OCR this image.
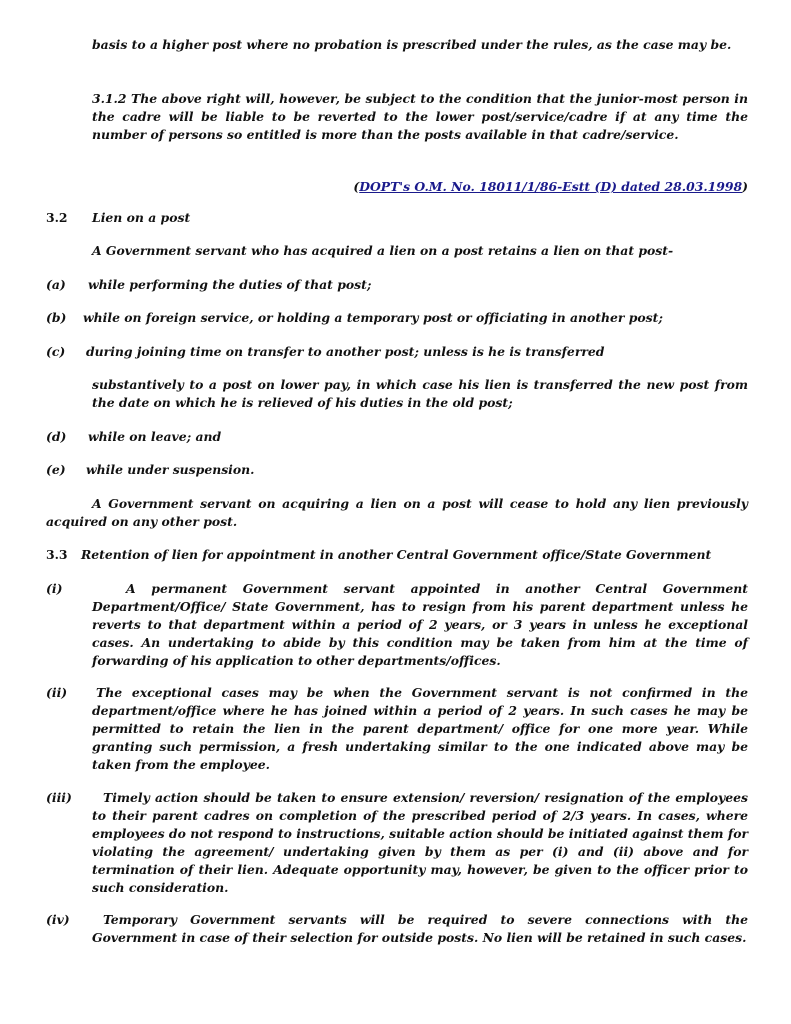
basis to a higher post where no probation is prescribed under the rules, as the case may be.

3.1.2 The above right will, however, be subject to the condition that the junior-most person in the cadre will be liable to be reverted to the lower post/service/cadre if at any time the number of persons so entitled is more than the posts available in that cadre/service.

(DOPT's O.M. No. 18011/1/86-Estt (D) dated 28.03.1998)

3.2 Lien on a post

A Government servant who has acquired a lien on a post retains a lien on that post-

(a) while performing the duties of that post;
(b) while on foreign service, or holding a temporary post or officiating in another post;
(c) during joining time on transfer to another post; unless is he is transferred

substantively to a post on lower pay, in which case his lien is transferred the new post from the date on which he is relieved of his duties in the old post;

(d) while on leave; and
(e) while under suspension.

A Government servant on acquiring a lien on a post will cease to hold any lien previously acquired on any other post.

3.3 Retention of lien for appointment in another Central Government office/State Government
(i)	A permanent Government servant appointed in another Central Government Department/Office/ State Government, has to resign from his parent department unless he reverts to that department within a period of 2 years, or 3 years in unless he exceptional cases. An undertaking to abide by this condition may be taken from him at the time of forwarding of his application to other departments/offices.

(ii)	The exceptional cases may be when the Government servant is not confirmed in the department/office where he has joined within a period of 2 years. In such cases he may be permitted to retain the lien in the parent department/ office for one more year. While granting such permission, a fresh undertaking similar to the one indicated above may be taken from the employee.

(iii)	Timely action should be taken to ensure extension/ reversion/ resignation of the employees to their parent cadres on completion of the prescribed period of 2/3 years. In cases, where employees do not respond to instructions, suitable action should be initiated against them for violating the agreement/ undertaking given by them as per (i) and (ii) above and for termination of their lien. Adequate opportunity may, however, be given to the officer prior to such consideration.

(iv)	Temporary Government servants will be required to severe connections with the Government in case of their selection for outside posts. No lien will be retained in such cases.
